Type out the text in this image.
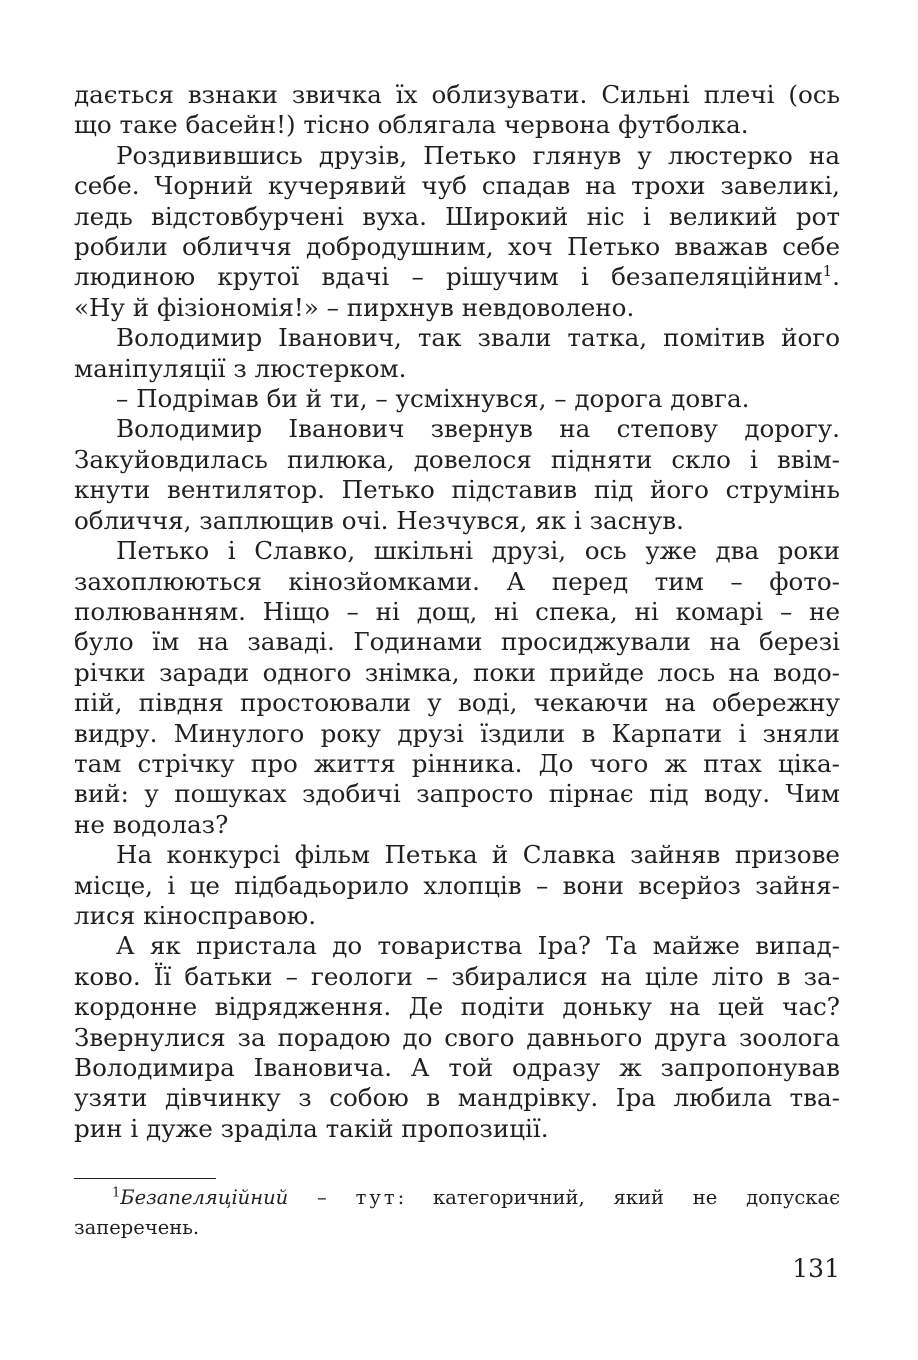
дається взнаки звичка їх облизувати. Сильні плечі (ось
що таке басейн!) тісно облягала червона футболка.
Роздивившись друзів, Петько глянув у люстерко на
себе. Чорний кучерявий чуб спадав на трохи завеликі,
ледь відстовбурчені вуха. Широкий ніс і великий рот
робили обличчя добродушним, хоч Петько вважав себе
людиною крутої вдачі – рішучим і безапеляційним$^1$.
«Ну й фізіономія!» – пирхнув невдоволено.
Володимир Іванович, так звали татка, помітив його
маніпуляції з люстерком.
– Подрімав би й ти, – усміхнувся, – дорога довга.
Володимир Іванович звернув на степову дорогу.
Закуйовдилась пилюка, довелося підняти скло і ввім-
кнути вентилятор. Петько підставив під його струмінь
обличчя, заплющив очі. Незчувся, як і заснув.
Петько і Славко, шкільні друзі, ось уже два роки
захоплюються кінозйомками. А перед тим – фото-
полюванням. Ніщо – ні дощ, ні спека, ні комарі – не
було їм на заваді. Годинами просиджували на березі
річки заради одного знімка, поки прийде лось на водо-
пій, півдня простоювали у воді, чекаючи на обережну
видру. Минулого року друзі їздили в Карпати і зняли
там стрічку про життя рінника. До чого ж птах ціка-
вий: у пошуках здобичі запросто пірнає під воду. Чим
не водолаз?
На конкурсі фільм Петька й Славка зайняв призове
місце, і це підбадьорило хлопців – вони всерйоз зайня-
лися кіносправою.
А як пристала до товариства Іра? Та майже випад-
ково. Її батьки – геологи – збиралися на ціле літо в за-
кордонне відрядження. Де подіти доньку на цей час?
Звернулися за порадою до свого давнього друга зоолога
Володимира Івановича. А той одразу ж запропонував
узяти дівчинку з собою в мандрівку. Іра любила тва-
рин і дуже зраділа такій пропозиції.
$^1$Безапеляційний – тут: категоричний, який не допускає
заперечень.
131
